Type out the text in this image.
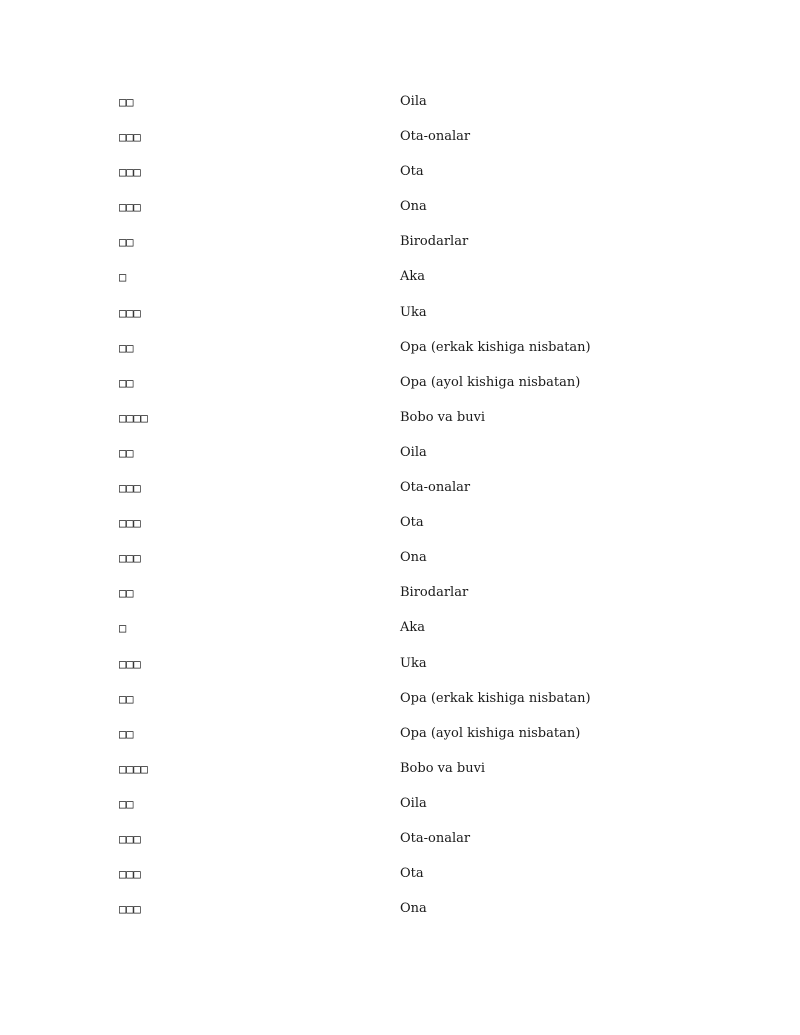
□□	Oila
□□□	Ota-onalar
□□□	Ota
□□□	Ona
□□	Birodarlar
□	Aka
□□□	Uka
□□	Opa (erkak kishiga nisbatan)
□□	Opa (ayol kishiga nisbatan)
□□□□	Bobo va buvi
□□	Oila
□□□	Ota-onalar
□□□	Ota
□□□	Ona
□□	Birodarlar
□	Aka
□□□	Uka
□□	Opa (erkak kishiga nisbatan)
□□	Opa (ayol kishiga nisbatan)
□□□□	Bobo va buvi
□□	Oila
□□□	Ota-onalar
□□□	Ota
□□□	Ona
